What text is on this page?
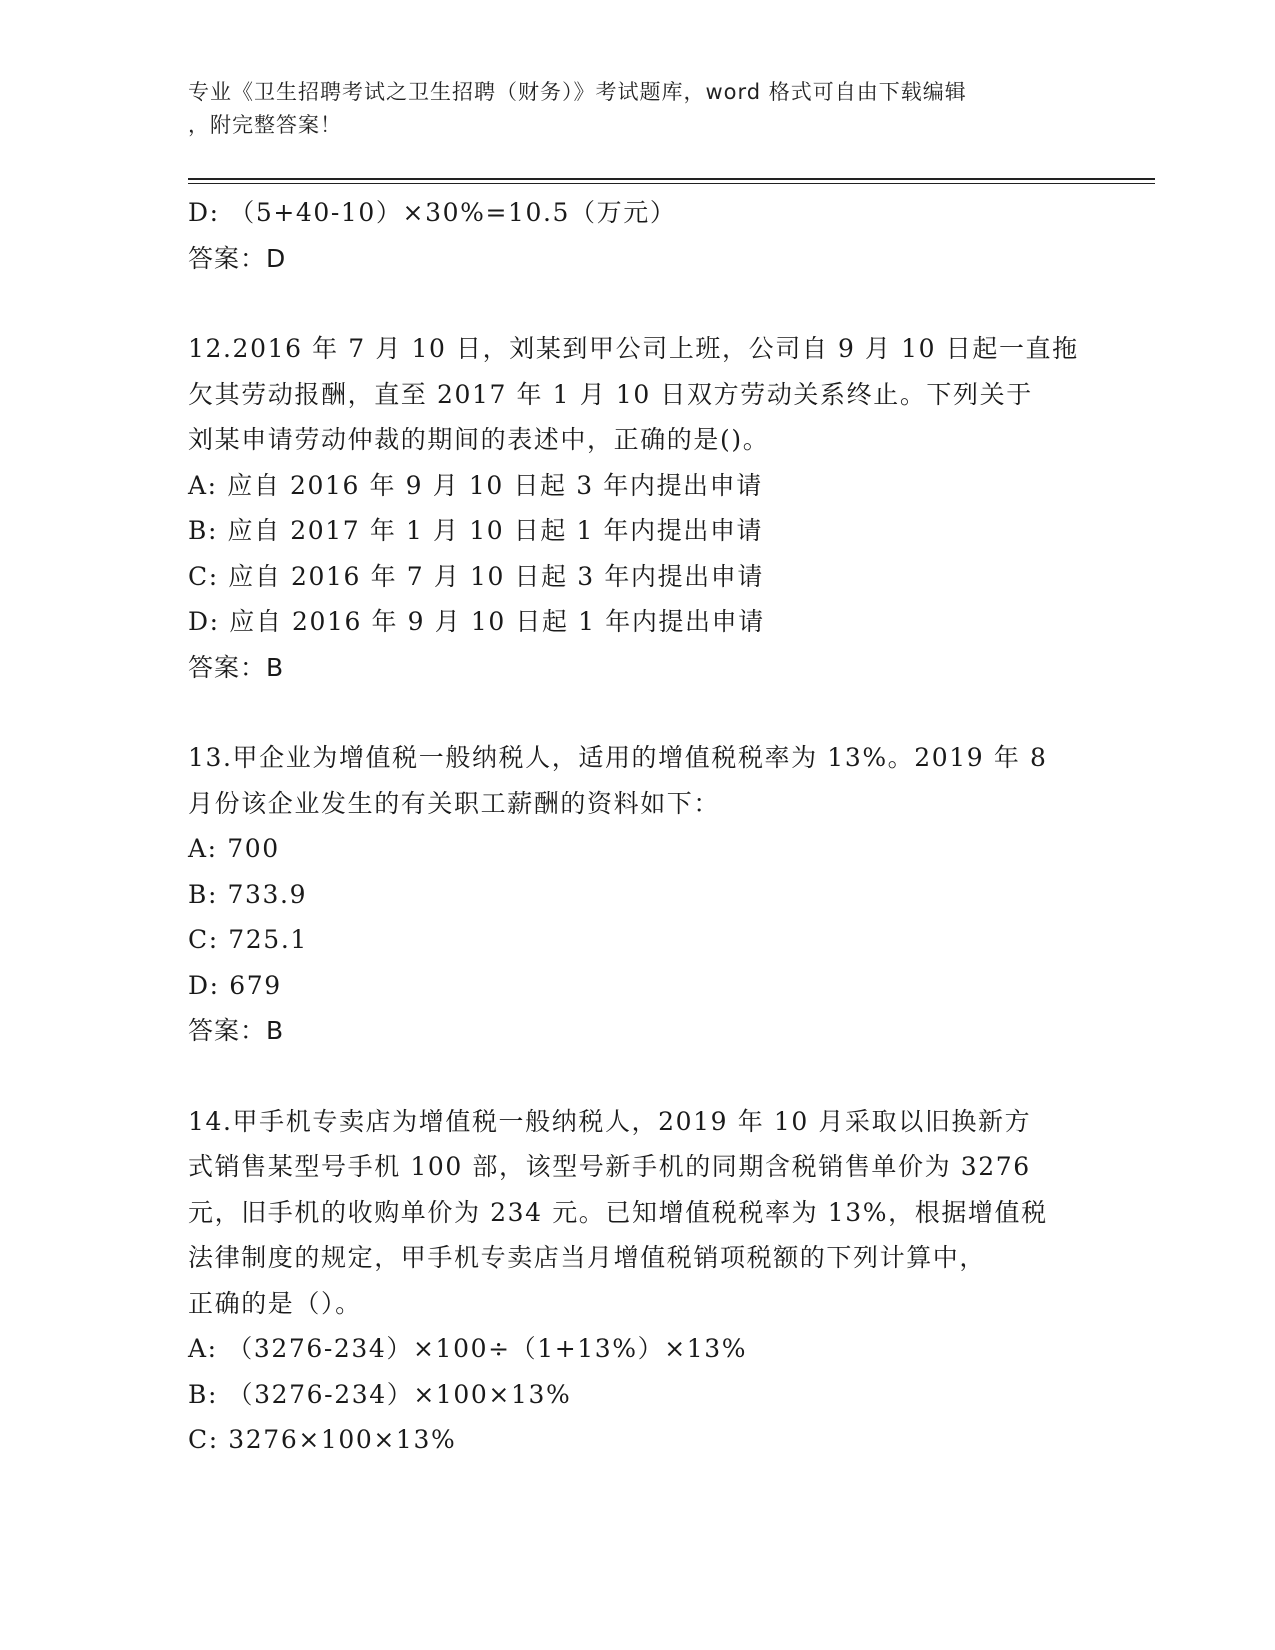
专业《卫生招聘考试之卫生招聘（财务）》考试题库，word 格式可自由下载编辑
，附完整答案！
D: （5+40-10）×30%=10.5（万元）
答案：D
12.2016 年 7 月 10 日，刘某到甲公司上班，公司自 9 月 10 日起一直拖
欠其劳动报酬，直至 2017 年 1 月 10 日双方劳动关系终止。下列关于
刘某申请劳动仲裁的期间的表述中，正确的是()。
A: 应自 2016 年 9 月 10 日起 3 年内提出申请
B: 应自 2017 年 1 月 10 日起 1 年内提出申请
C: 应自 2016 年 7 月 10 日起 3 年内提出申请
D: 应自 2016 年 9 月 10 日起 1 年内提出申请
答案：B
13.甲企业为增值税一般纳税人，适用的增值税税率为 13%。2019 年 8
月份该企业发生的有关职工薪酬的资料如下：
A: 700
B: 733.9
C: 725.1
D: 679
答案：B
14.甲手机专卖店为增值税一般纳税人，2019 年 10 月采取以旧换新方
式销售某型号手机 100 部，该型号新手机的同期含税销售单价为 3276
元，旧手机的收购单价为 234 元。已知增值税税率为 13%，根据增值税
法律制度的规定，甲手机专卖店当月增值税销项税额的下列计算中，
正确的是（）。
A: （3276-234）×100÷（1+13%）×13%
B: （3276-234）×100×13%
C: 3276×100×13%
